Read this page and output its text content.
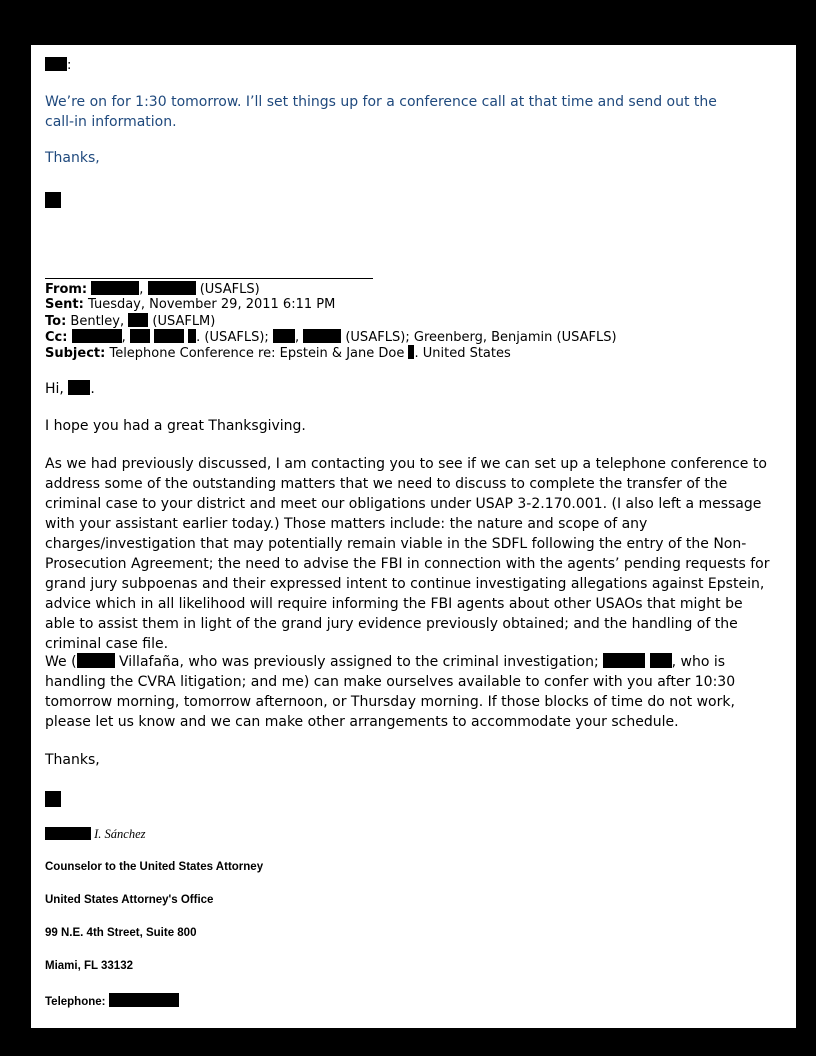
:
We’re on for 1:30 tomorrow. I’ll set things up for a conference call at that time and send out the call-in information.
Thanks,
From:	,	(USAFLS)
Sent: Tuesday, November 29, 2011 6:11 PM
To: Bentley,  (USAFLM)
Cc:	,	. (USAFLS); ,	(USAFLS); Greenberg, Benjamin (USAFLS)
Subject: Telephone Conference re: Epstein & Jane Doe . United States
Hi, .
I hope you had a great Thanksgiving.
As we had previously discussed, I am contacting you to see if we can set up a telephone conference to address some of the outstanding matters that we need to discuss to complete the transfer of the criminal case to your district and meet our obligations under USAP 3-2.170.001. (I also left a message with your assistant earlier today.) Those matters include: the nature and scope of any charges/investigation that may potentially remain viable in the SDFL following the entry of the Non-Prosecution Agreement; the need to advise the FBI in connection with the agents’ pending requests for grand jury subpoenas and their expressed intent to continue investigating allegations against Epstein, advice which in all likelihood will require informing the FBI agents about other USAOs that might be able to assist them in light of the grand jury evidence previously obtained; and the handling of the criminal case file.
We (	Villafaña, who was previously assigned to the criminal investigation;	, who is handling the CVRA litigation; and me) can make ourselves available to confer with you after 10:30 tomorrow morning, tomorrow afternoon, or Thursday morning. If those blocks of time do not work, please let us know and we can make other arrangements to accommodate your schedule.
Thanks,
I. Sánchez
Counselor to the United States Attorney
United States Attorney's Office
99 N.E. 4th Street, Suite 800
Miami, FL 33132
Telephone:
